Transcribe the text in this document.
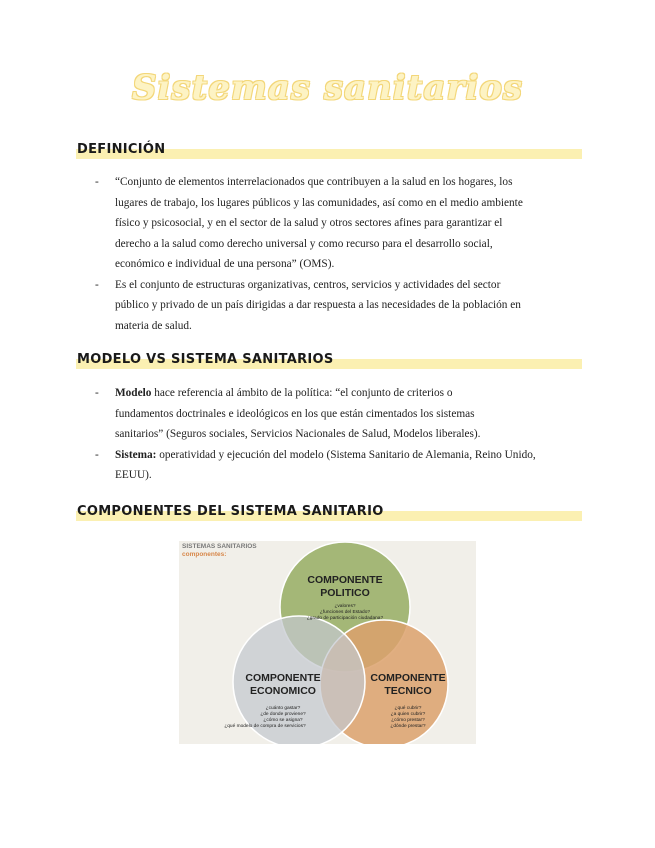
Sistemas sanitarios
DEFINICIÓN
- “Conjunto de elementos interrelacionados que contribuyen a la salud en los hogares, los
lugares de trabajo, los lugares públicos y las comunidades, así como en el medio ambiente
físico y psicosocial, y en el sector de la salud y otros sectores afines para garantizar el
derecho a la salud como derecho universal y como recurso para el desarrollo social,
económico e individual de una persona” (OMS).
- Es el conjunto de estructuras organizativas, centros, servicios y actividades del sector
público y privado de un país dirigidas a dar respuesta a las necesidades de la población en
materia de salud.
MODELO VS SISTEMA SANITARIOS
- Modelo hace referencia al ámbito de la política: “el conjunto de criterios o
fundamentos doctrinales e ideológicos en los que están cimentados los sistemas
sanitarios” (Seguros sociales, Servicios Nacionales de Salud, Modelos liberales).
- Sistema: operatividad y ejecución del modelo (Sistema Sanitario de Alemania, Reino Unido,
EEUU).
COMPONENTES DEL SISTEMA SANITARIO
SISTEMAS SANITARIOS
componentes:
COMPONENTE
POLITICO
¿valores?
¿funciones del Estado?
¿grado de participación ciudadana?
COMPONENTE
ECONOMICO
¿cuánto gastar?
¿de donde proviene?
¿cómo se asigna?
¿qué modelo de compra de servicios?
COMPONENTE
TECNICO
¿qué cubrir?
¿a quien cubrir?
¿cómo prestar?
¿dónde prestar?
